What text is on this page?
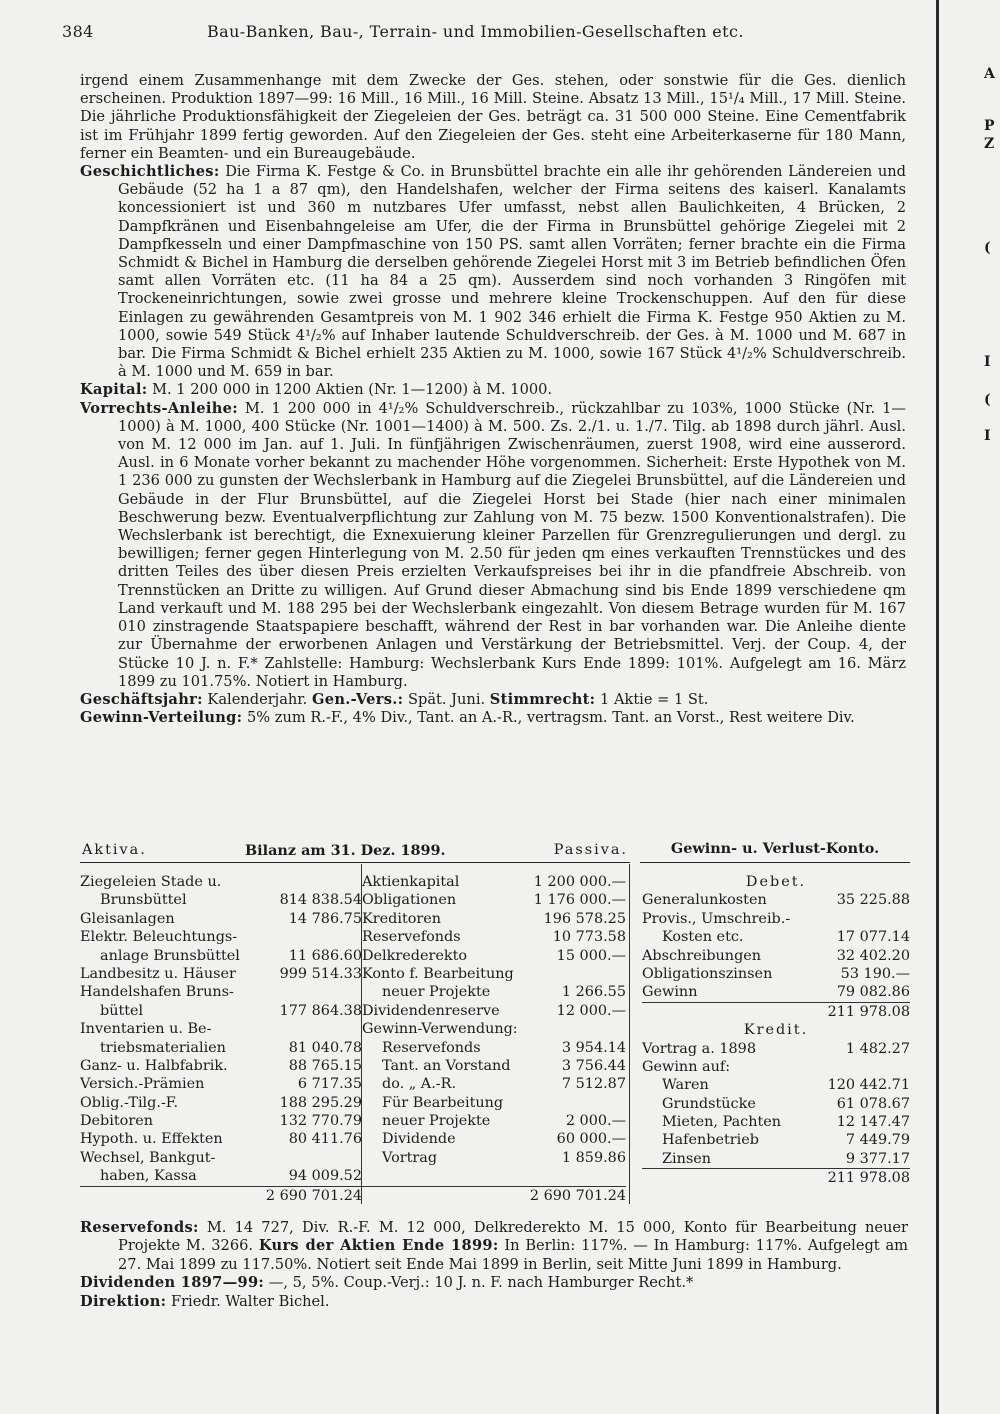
A
P
Z
(
I
(
I
384	Bau-Banken, Bau-, Terrain- und Immobilien-Gesellschaften etc.

irgend einem Zusammenhange mit dem Zwecke der Ges. stehen, oder sonstwie für die Ges. dienlich erscheinen. Produktion 1897—99: 16 Mill., 16 Mill., 16 Mill. Steine. Absatz 13 Mill., 15¹/₄ Mill., 17 Mill. Steine. Die jährliche Produktionsfähigkeit der Ziegeleien der Ges. beträgt ca. 31 500 000 Steine. Eine Cementfabrik ist im Frühjahr 1899 fertig geworden. Auf den Ziegeleien der Ges. steht eine Arbeiterkaserne für 180 Mann, ferner ein Beamten- und ein Bureaugebäude.

Geschichtliches: Die Firma K. Festge & Co. in Brunsbüttel brachte ein alle ihr gehörenden Ländereien und Gebäude (52 ha 1 a 87 qm), den Handelshafen, welcher der Firma seitens des kaiserl. Kanalamts koncessioniert ist und 360 m nutzbares Ufer umfasst, nebst allen Baulichkeiten, 4 Brücken, 2 Dampfkränen und Eisenbahngeleise am Ufer, die der Firma in Brunsbüttel gehörige Ziegelei mit 2 Dampfkesseln und einer Dampfmaschine von 150 PS. samt allen Vorräten; ferner brachte ein die Firma Schmidt & Bichel in Hamburg die derselben gehörende Ziegelei Horst mit 3 im Betrieb befindlichen Öfen samt allen Vorräten etc. (11 ha 84 a 25 qm). Ausserdem sind noch vorhanden 3 Ringöfen mit Trockeneinrichtungen, sowie zwei grosse und mehrere kleine Trockenschuppen. Auf den für diese Einlagen zu gewährenden Gesamtpreis von M. 1 902 346 erhielt die Firma K. Festge 950 Aktien zu M. 1000, sowie 549 Stück 4¹/₂% auf Inhaber lautende Schuldverschreib. der Ges. à M. 1000 und M. 687 in bar. Die Firma Schmidt & Bichel erhielt 235 Aktien zu M. 1000, sowie 167 Stück 4¹/₂% Schuldverschreib. à M. 1000 und M. 659 in bar.

Kapital: M. 1 200 000 in 1200 Aktien (Nr. 1—1200) à M. 1000.

Vorrechts-Anleihe: M. 1 200 000 in 4¹/₂% Schuldverschreib., rückzahlbar zu 103%, 1000 Stücke (Nr. 1—1000) à M. 1000, 400 Stücke (Nr. 1001—1400) à M. 500. Zs. 2./1. u. 1./7. Tilg. ab 1898 durch jährl. Ausl. von M. 12 000 im Jan. auf 1. Juli. In fünfjährigen Zwischenräumen, zuerst 1908, wird eine ausserord. Ausl. in 6 Monate vorher bekannt zu machender Höhe vorgenommen. Sicherheit: Erste Hypothek von M. 1 236 000 zu gunsten der Wechslerbank in Hamburg auf die Ziegelei Brunsbüttel, auf die Ländereien und Gebäude in der Flur Brunsbüttel, auf die Ziegelei Horst bei Stade (hier nach einer minimalen Beschwerung bezw. Eventualverpflichtung zur Zahlung von M. 75 bezw. 1500 Konventionalstrafen). Die Wechslerbank ist berechtigt, die Exnexuierung kleiner Parzellen für Grenzregulierungen und dergl. zu bewilligen; ferner gegen Hinterlegung von M. 2.50 für jeden qm eines verkauften Trennstückes und des dritten Teiles des über diesen Preis erzielten Verkaufspreises bei ihr in die pfandfreie Abschreib. von Trennstücken an Dritte zu willigen. Auf Grund dieser Abmachung sind bis Ende 1899 verschiedene qm Land verkauft und M. 188 295 bei der Wechslerbank eingezahlt. Von diesem Betrage wurden für M. 167 010 zinstragende Staatspapiere beschafft, während der Rest in bar vorhanden war. Die Anleihe diente zur Übernahme der erworbenen Anlagen und Verstärkung der Betriebsmittel. Verj. der Coup. 4, der Stücke 10 J. n. F.* Zahlstelle: Hamburg: Wechslerbank Kurs Ende 1899: 101%. Aufgelegt am 16. März 1899 zu 101.75%. Notiert in Hamburg.

Geschäftsjahr: Kalenderjahr. Gen.-Vers.: Spät. Juni. Stimmrecht: 1 Aktie = 1 St.

Gewinn-Verteilung: 5% zum R.-F., 4% Div., Tant. an A.-R., vertragsm. Tant. an Vorst., Rest weitere Div.

Aktiva.	Bilanz am 31. Dez. 1899.	Passiva.	Gewinn- u. Verlust-Konto.
Ziegeleien Stade u.
Brunsbüttel	814 838.54
Gleisanlagen	14 786.75
Elektr. Beleuchtungs-
anlage Brunsbüttel	11 686.60
Landbesitz u. Häuser	999 514.33
Handelshafen Bruns-
büttel	177 864.38
Inventarien u. Be-
triebsmaterialien	81 040.78
Ganz- u. Halbfabrik.	88 765.15
Versich.-Prämien	6 717.35
Oblig.-Tilg.-F.	188 295.29
Debitoren	132 770.79
Hypoth. u. Effekten	80 411.76
Wechsel, Bankgut-
haben, Kassa	94 009.52
2 690 701.24
Aktienkapital	1 200 000.—
Obligationen	1 176 000.—
Kreditoren	196 578.25
Reservefonds	10 773.58
Delkrederekto	15 000.—
Konto f. Bearbeitung
neuer Projekte	1 266.55
Dividendenreserve	12 000.—
Gewinn-Verwendung:
Reservefonds	3 954.14
Tant. an Vorstand	3 756.44
do. „ A.-R.	7 512.87
Für Bearbeitung
neuer Projekte	2 000.—
Dividende	60 000.—
Vortrag	1 859.86
2 690 701.24
Debet.
Generalunkosten	35 225.88
Provis., Umschreib.-
Kosten etc.	17 077.14
Abschreibungen	32 402.20
Obligationszinsen	53 190.—
Gewinn	79 082.86
211 978.08
Kredit.
Vortrag a. 1898	1 482.27
Gewinn auf:
Waren	120 442.71
Grundstücke	61 078.67
Mieten, Pachten	12 147.47
Hafenbetrieb	7 449.79
Zinsen	9 377.17
211 978.08

Reservefonds: M. 14 727, Div. R.-F. M. 12 000, Delkrederekto M. 15 000, Konto für Bearbeitung neuer Projekte M. 3266. Kurs der Aktien Ende 1899: In Berlin: 117%. — In Hamburg: 117%. Aufgelegt am 27. Mai 1899 zu 117.50%. Notiert seit Ende Mai 1899 in Berlin, seit Mitte Juni 1899 in Hamburg.

Dividenden 1897—99: —, 5, 5%. Coup.-Verj.: 10 J. n. F. nach Hamburger Recht.*

Direktion: Friedr. Walter Bichel.
